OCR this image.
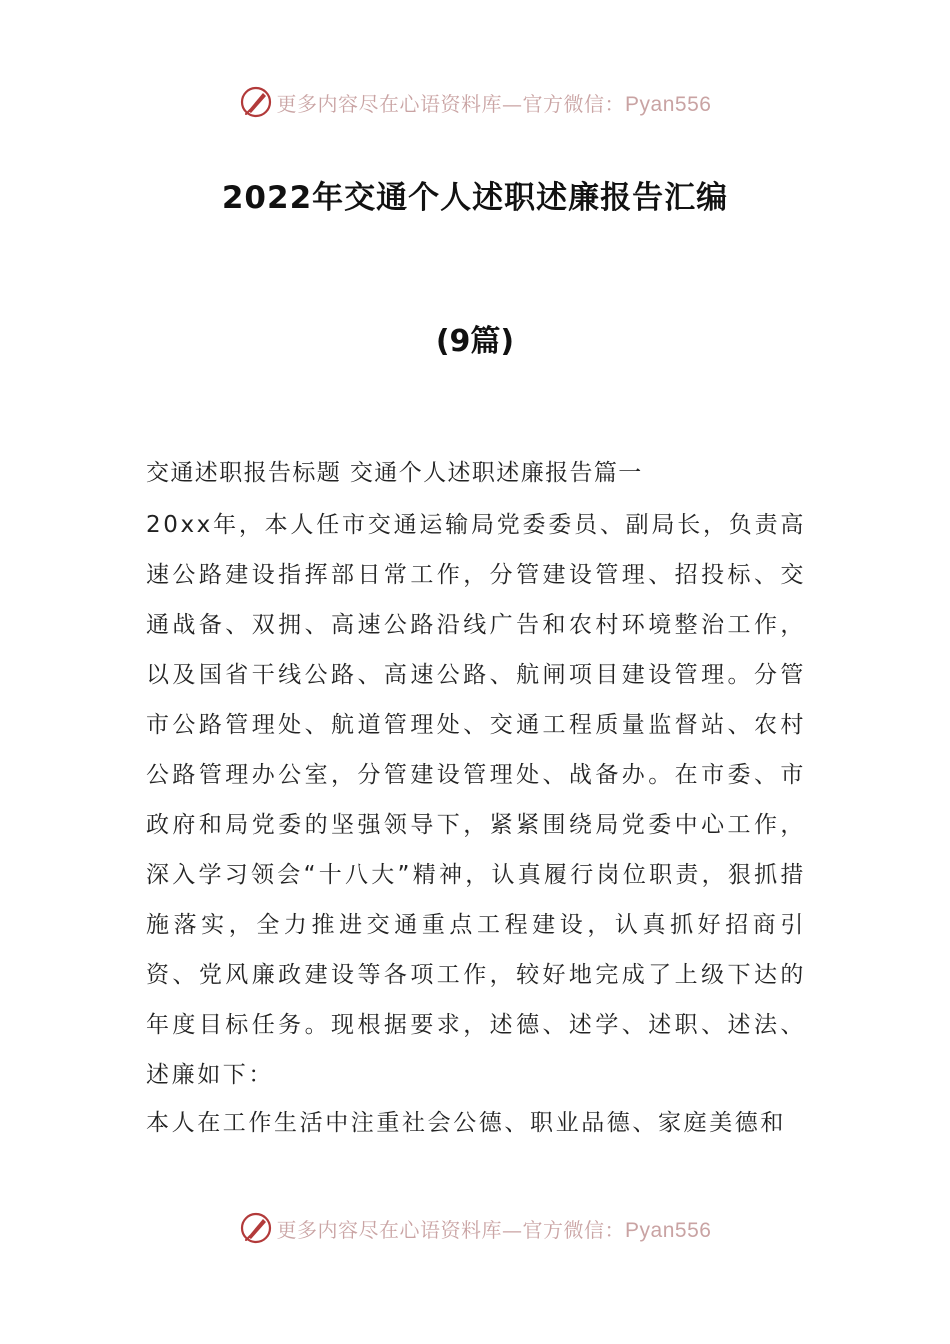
更多内容尽在心语资料库—官方微信：Pyan556
2022年交通个人述职述廉报告汇编
(9篇)
交通述职报告标题 交通个人述职述廉报告篇一
20xx年，本人任市交通运输局党委委员、副局长，负责高速公路建设指挥部日常工作，分管建设管理、招投标、交通战备、双拥、高速公路沿线广告和农村环境整治工作，以及国省干线公路、高速公路、航闸项目建设管理。分管市公路管理处、航道管理处、交通工程质量监督站、农村公路管理办公室，分管建设管理处、战备办。在市委、市政府和局党委的坚强领导下，紧紧围绕局党委中心工作，深入学习领会“十八大”精神，认真履行岗位职责，狠抓措施落实，全力推进交通重点工程建设，认真抓好招商引资、党风廉政建设等各项工作，较好地完成了上级下达的年度目标任务。现根据要求，述德、述学、述职、述法、述廉如下：
本人在工作生活中注重社会公德、职业品德、家庭美德和
更多内容尽在心语资料库—官方微信：Pyan556
